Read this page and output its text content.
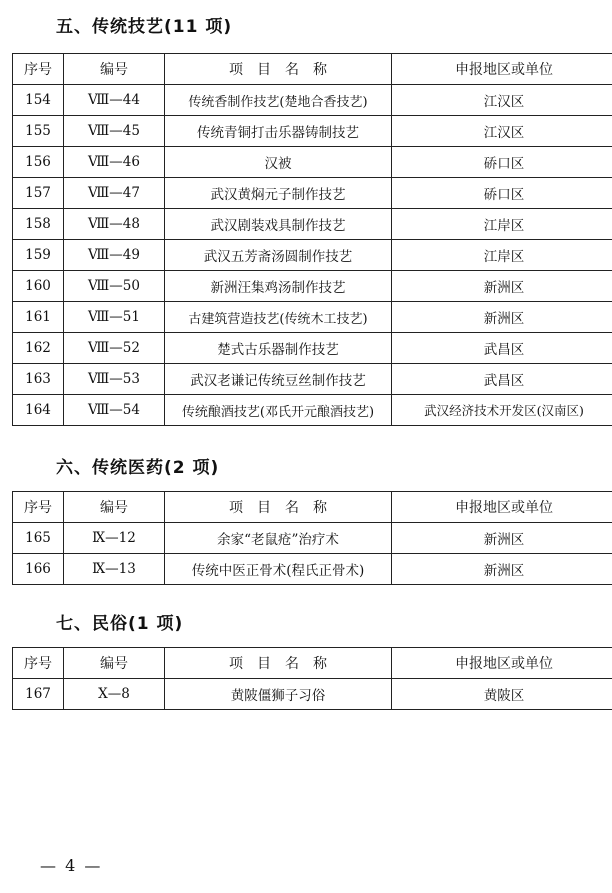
五、传统技艺(11 项)
序号	编号	项　目　名　称	申报地区或单位
154	Ⅷ—44	传统香制作技艺(楚地合香技艺)	江汉区
155	Ⅷ—45	传统青铜打击乐器铸制技艺	江汉区
156	Ⅷ—46	汉被	硚口区
157	Ⅷ—47	武汉黄焖元子制作技艺	硚口区
158	Ⅷ—48	武汉剧装戏具制作技艺	江岸区
159	Ⅷ—49	武汉五芳斋汤圆制作技艺	江岸区
160	Ⅷ—50	新洲汪集鸡汤制作技艺	新洲区
161	Ⅷ—51	古建筑营造技艺(传统木工技艺)	新洲区
162	Ⅷ—52	楚式古乐器制作技艺	武昌区
163	Ⅷ—53	武汉老谦记传统豆丝制作技艺	武昌区
164	Ⅷ—54	传统酿酒技艺(邓氏开元酿酒技艺)	武汉经济技术开发区(汉南区)
六、传统医药(2 项)
序号	编号	项　目　名　称	申报地区或单位
165	Ⅸ—12	余家“老鼠疮”治疗术	新洲区
166	Ⅸ—13	传统中医正骨术(程氏正骨术)	新洲区
七、民俗(1 项)
序号	编号	项　目　名　称	申报地区或单位
167	Ⅹ—8	黄陂僵狮子习俗	黄陂区
— 4 —
